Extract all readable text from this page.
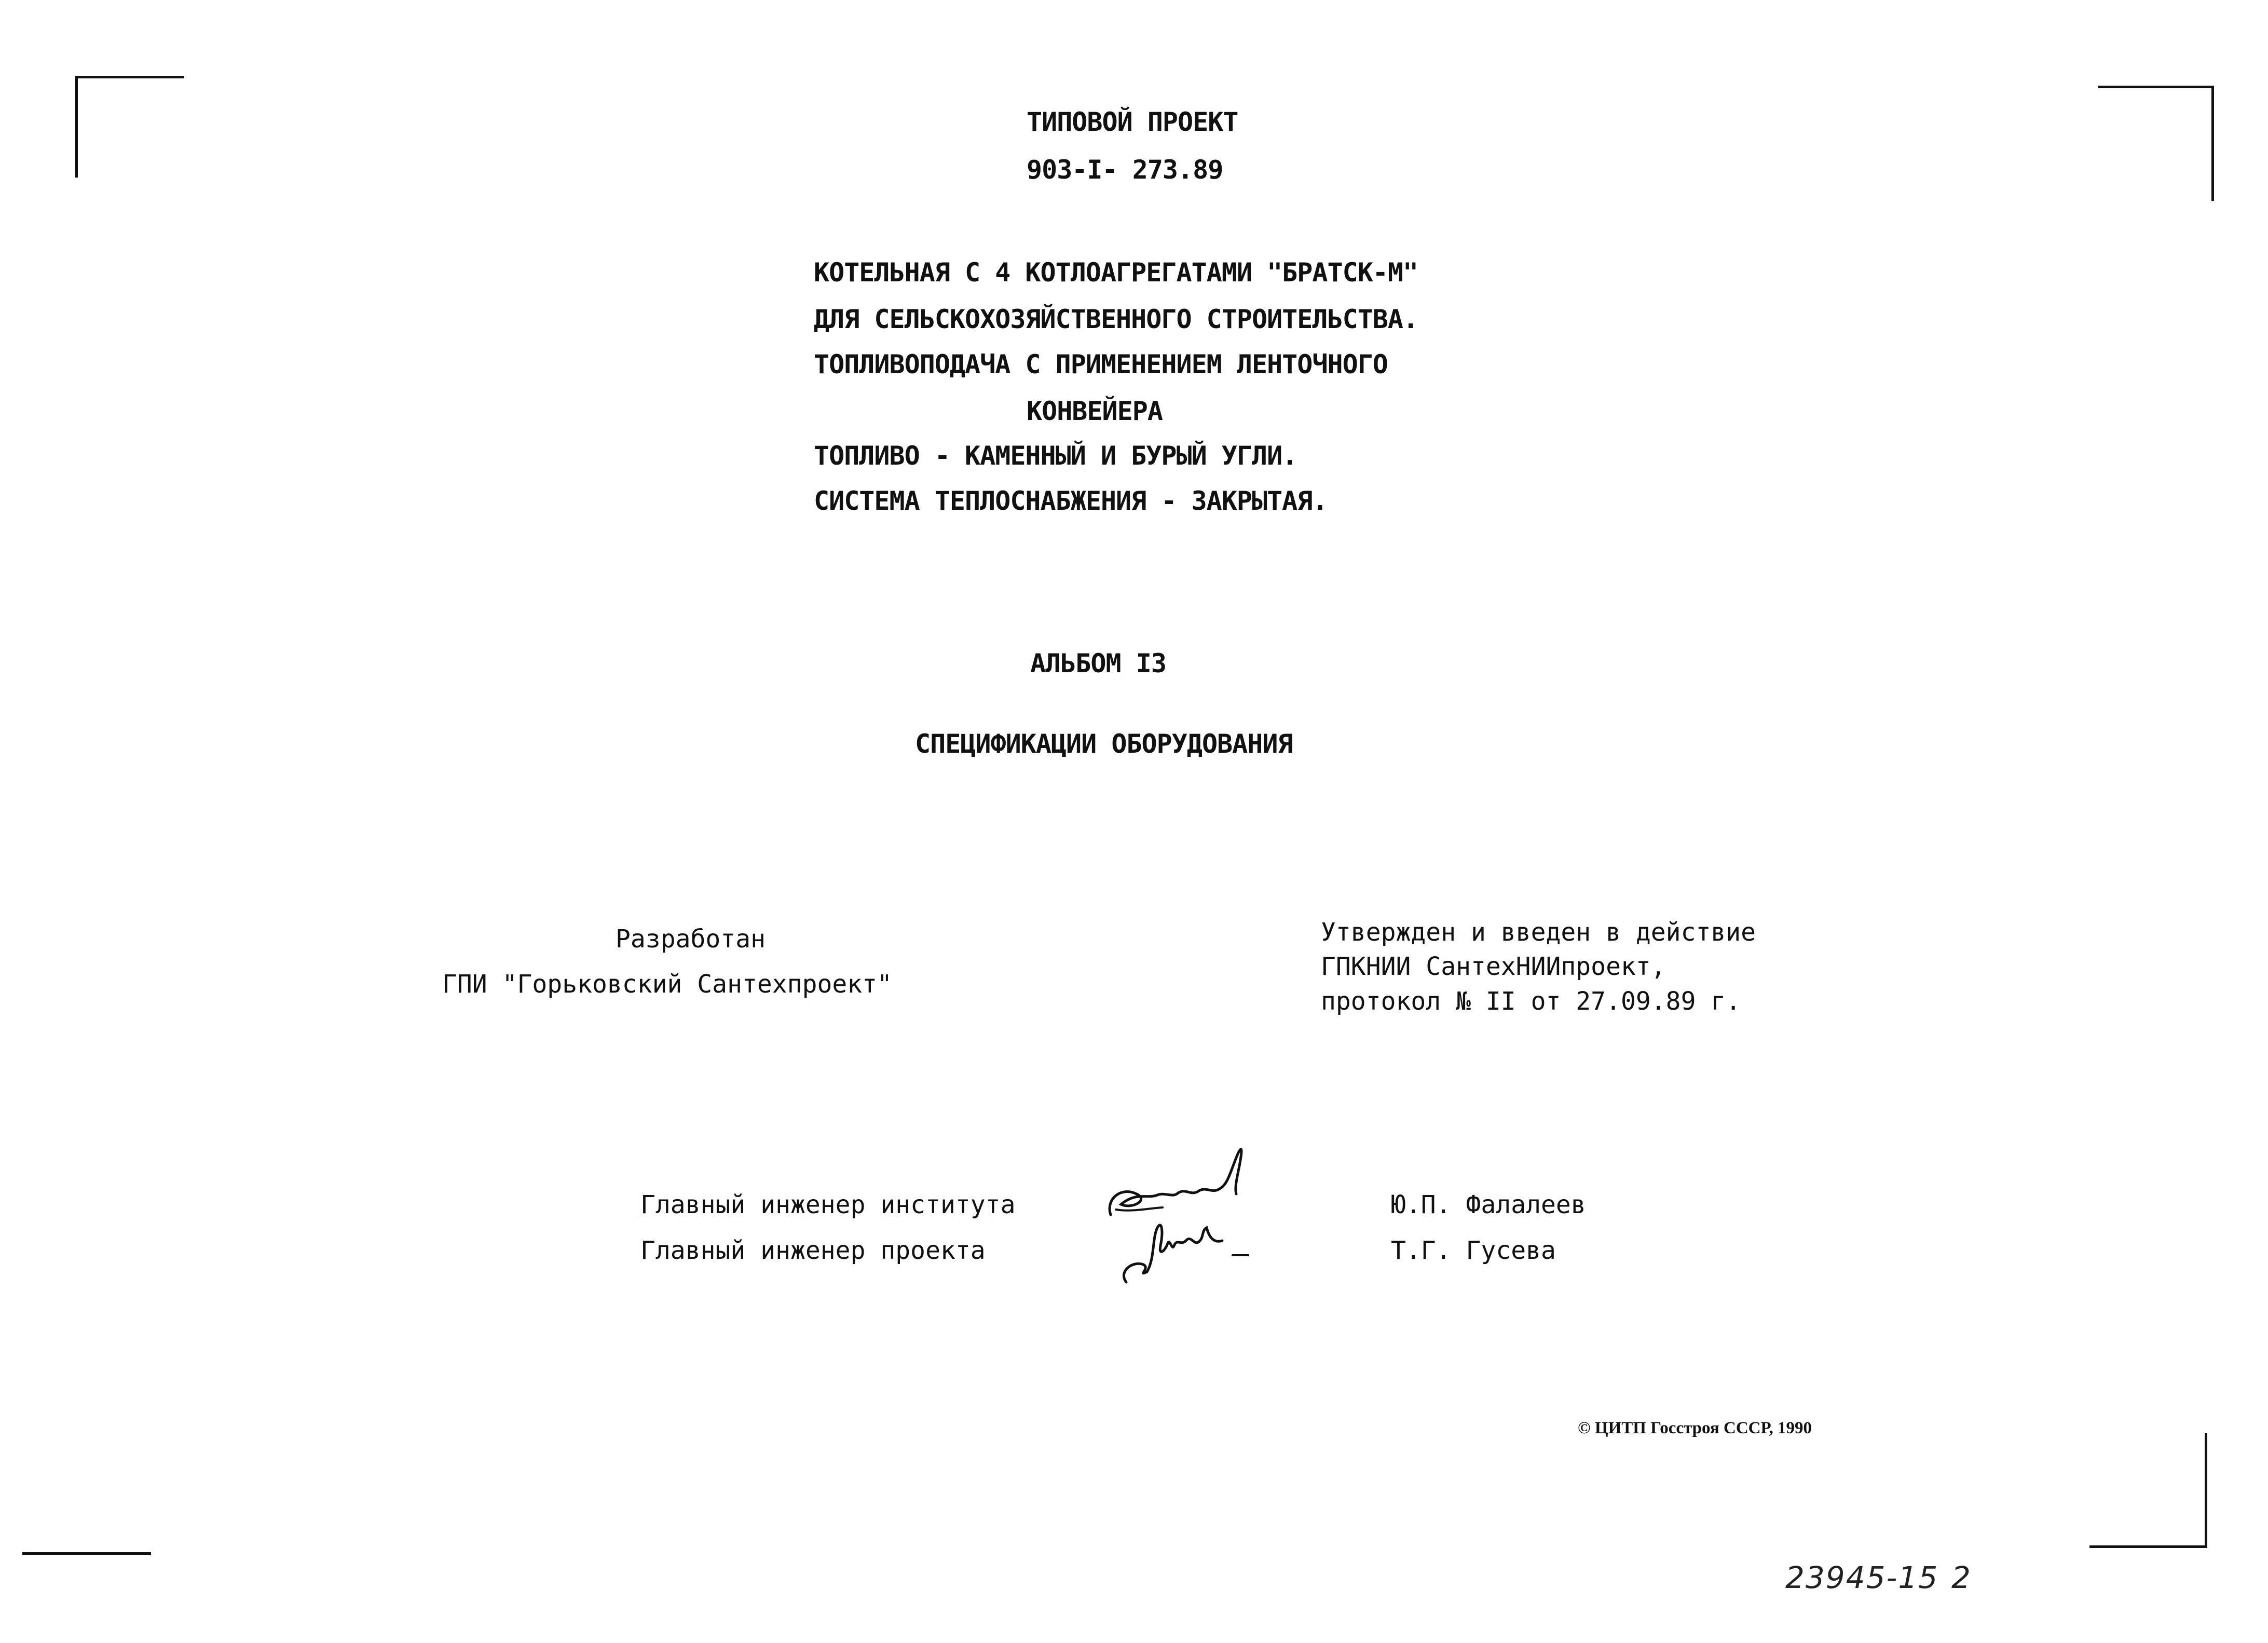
ТИПОВОЙ ПРОЕКТ
903-I- 273.89
КОТЕЛЬНАЯ С 4 КОТЛОАГРЕГАТАМИ "БРАТСК-М"
ДЛЯ СЕЛЬСКОХОЗЯЙСТВЕННОГО СТРОИТЕЛЬСТВА.
ТОПЛИВОПОДАЧА С ПРИМЕНЕНИЕМ ЛЕНТОЧНОГО
КОНВЕЙЕРА
ТОПЛИВО - КАМЕННЫЙ И БУРЫЙ УГЛИ.
СИСТЕМА ТЕПЛОСНАБЖЕНИЯ - ЗАКРЫТАЯ.
АЛЬБОМ I3
СПЕЦИФИКАЦИИ ОБОРУДОВАНИЯ
Разработан
ГПИ "Горьковский Сантехпроект"
Утвержден и введен в действие
ГПКНИИ СантехНИИпроект,
протокол № II от 27.09.89 г.
Главный инженер института
Главный инженер проекта
Ю.П. Фалалеев
Т.Г. Гусева
© ЦИТП Госстроя СССР, 1990
23945-15 2
